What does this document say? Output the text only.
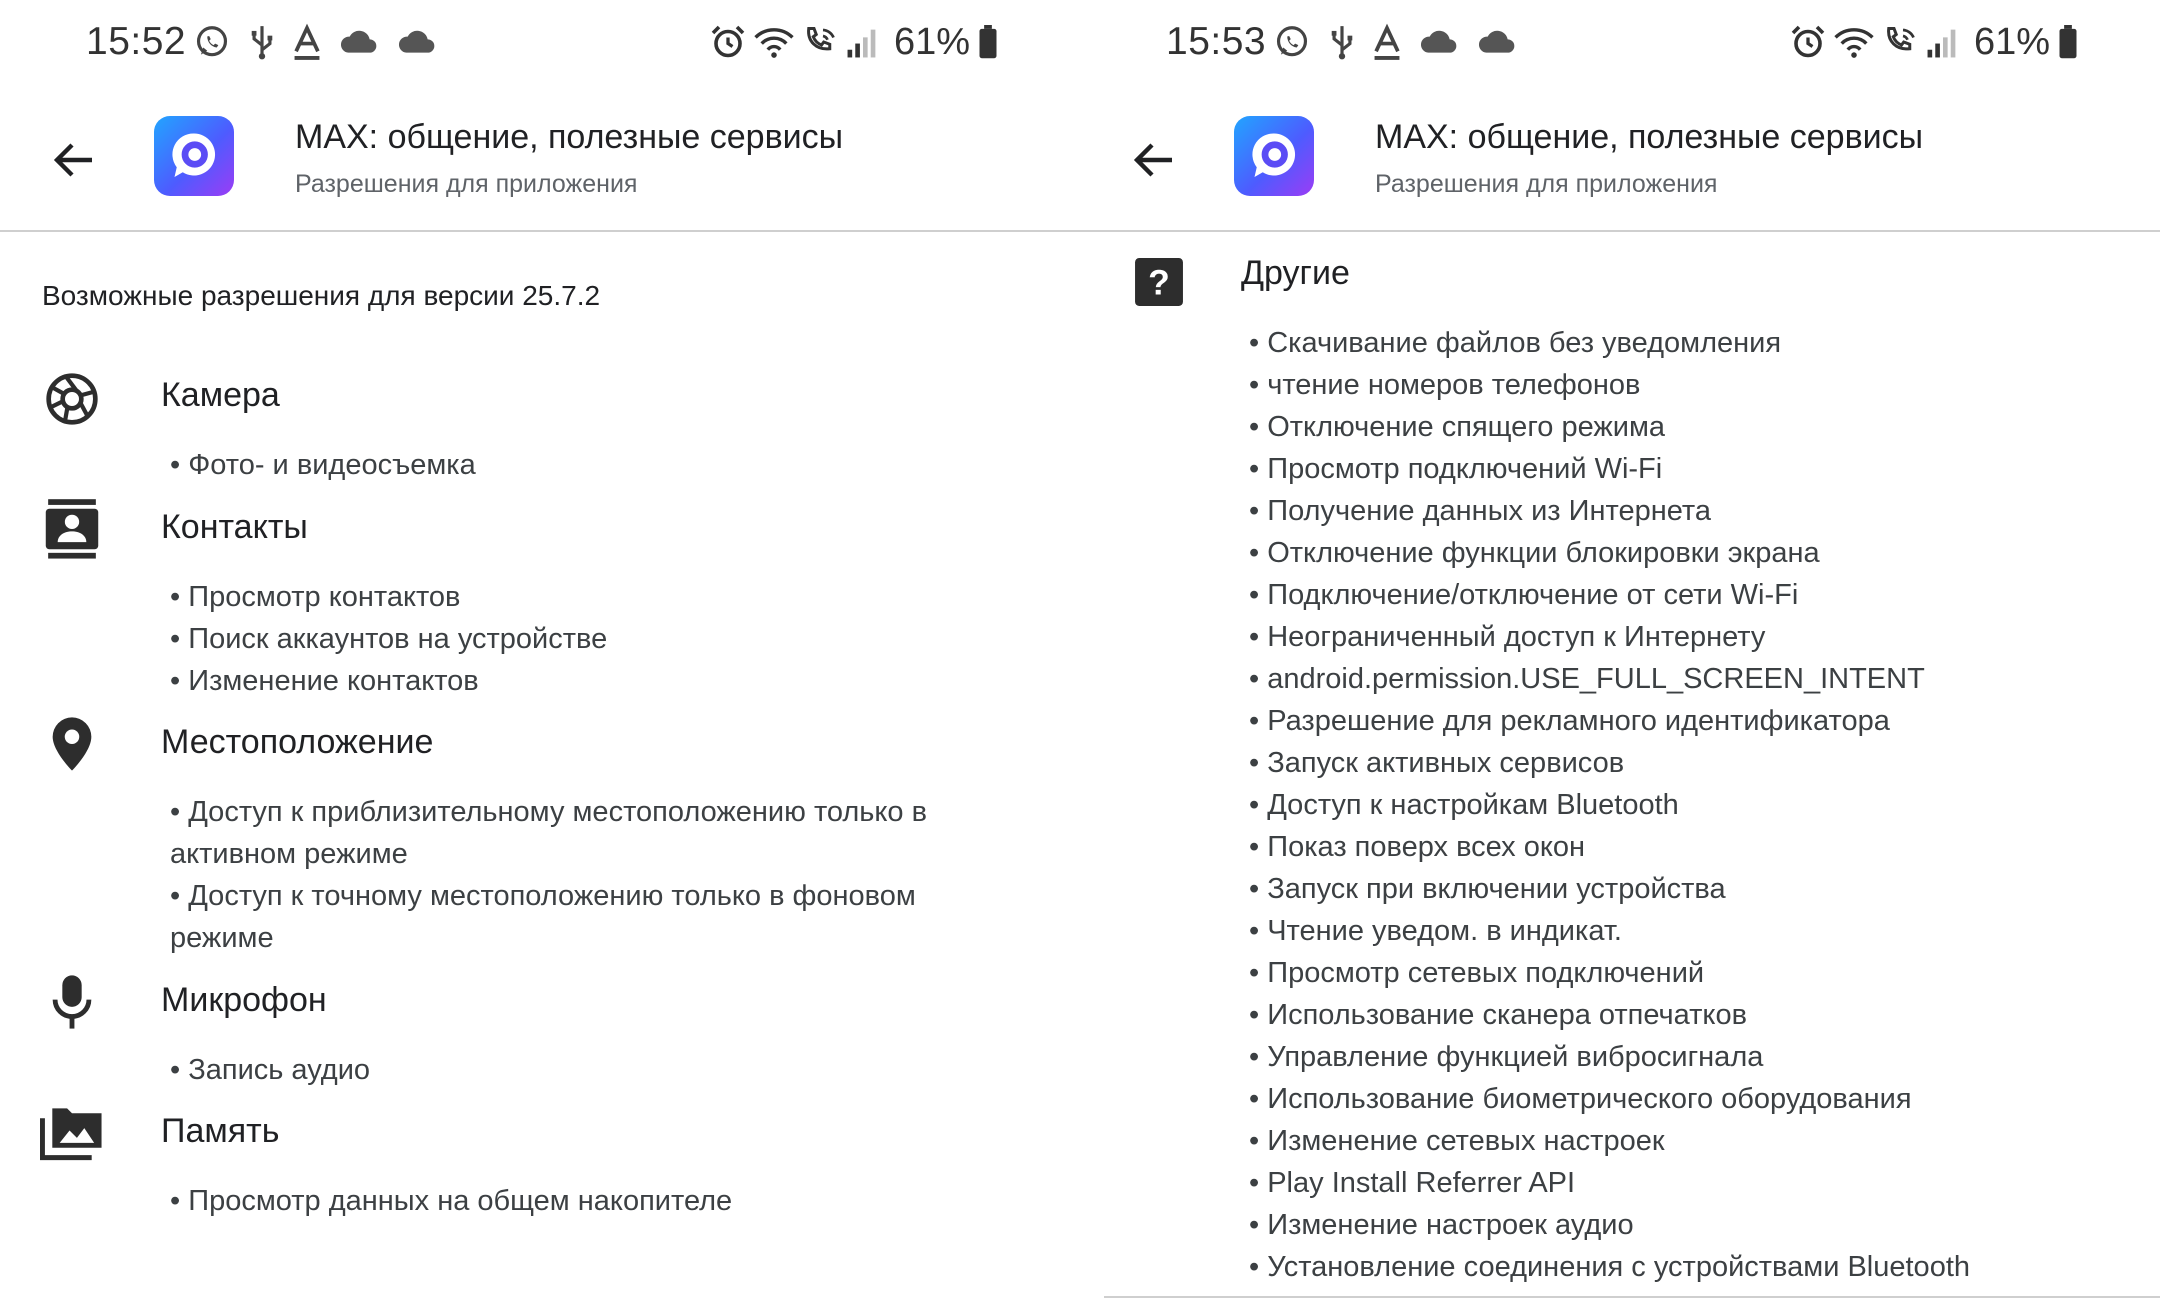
15:52	61%
MAX: общение, полезные сервисы
Разрешения для приложения
Возможные разрешения для версии 25.7.2
Камера
• Фото- и видеосъемка
Контакты
• Просмотр контактов
• Поиск аккаунтов на устройстве
• Изменение контактов
Местоположение
• Доступ к приблизительному местоположению только в активном режиме
• Доступ к точному местоположению только в фоновом режиме
Микрофон
• Запись аудио
Память
• Просмотр данных на общем накопителе
15:53	61%
MAX: общение, полезные сервисы
Разрешения для приложения
? Другие
• Скачивание файлов без уведомления
• чтение номеров телефонов
• Отключение спящего режима
• Просмотр подключений Wi-Fi
• Получение данных из Интернета
• Отключение функции блокировки экрана
• Подключение/отключение от сети Wi-Fi
• Неограниченный доступ к Интернету
• android.permission.USE_FULL_SCREEN_INTENT
• Разрешение для рекламного идентификатора
• Запуск активных сервисов
• Доступ к настройкам Bluetooth
• Показ поверх всех окон
• Запуск при включении устройства
• Чтение уведом. в индикат.
• Просмотр сетевых подключений
• Использование сканера отпечатков
• Управление функцией вибросигнала
• Использование биометрического оборудования
• Изменение сетевых настроек
• Play Install Referrer API
• Изменение настроек аудио
• Установление соединения с устройствами Bluetooth
